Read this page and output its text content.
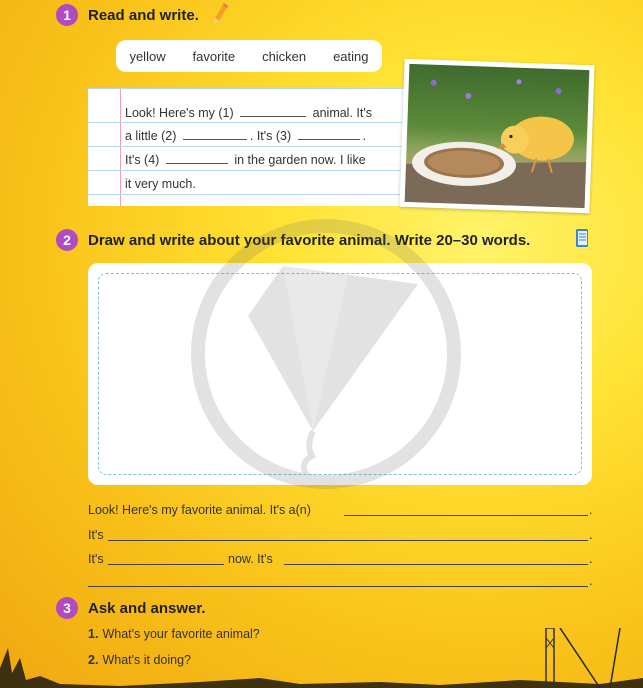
1 Read and write.
yellow favorite chicken eating
Look! Here's my (1)	animal. It's
a little (2)	. It's (3)	.
It's (4)	in the garden now. I like
it very much.
2 Draw and write about your favorite animal. Write 20–30 words.
Look! Here's my favorite animal. It's a(n)	.
It's	.
It's	now. It's	.
.
3 Ask and answer.
1. What's your favorite animal?
2. What's it doing?
